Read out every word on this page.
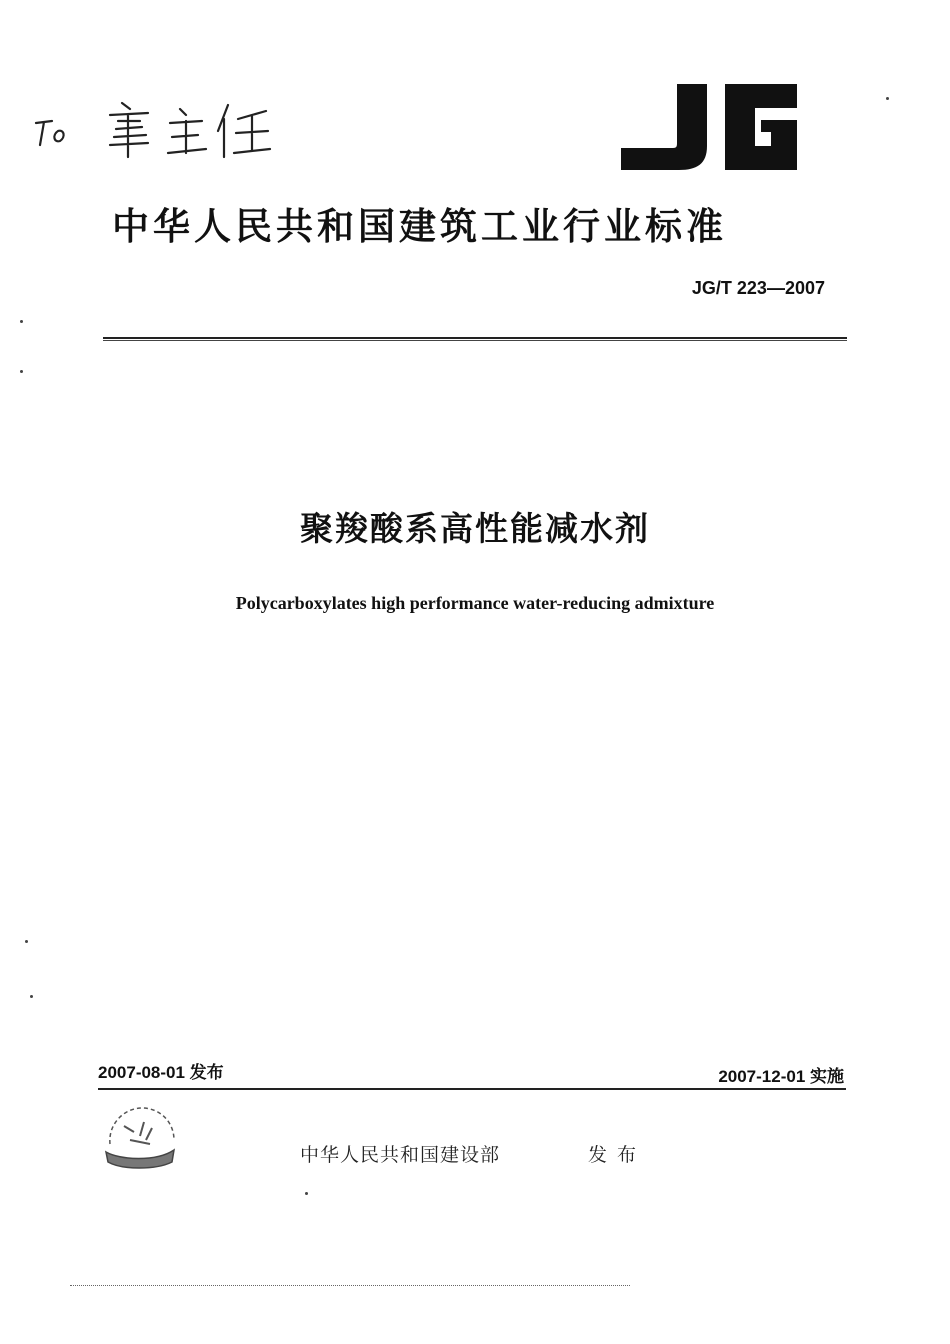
中华人民共和国建筑工业行业标准
JG/T 223—2007
聚羧酸系高性能减水剂
Polycarboxylates high performance water-reducing admixture
2007-08-01 发布	2007-12-01 实施
中华人民共和国建设部	发布
